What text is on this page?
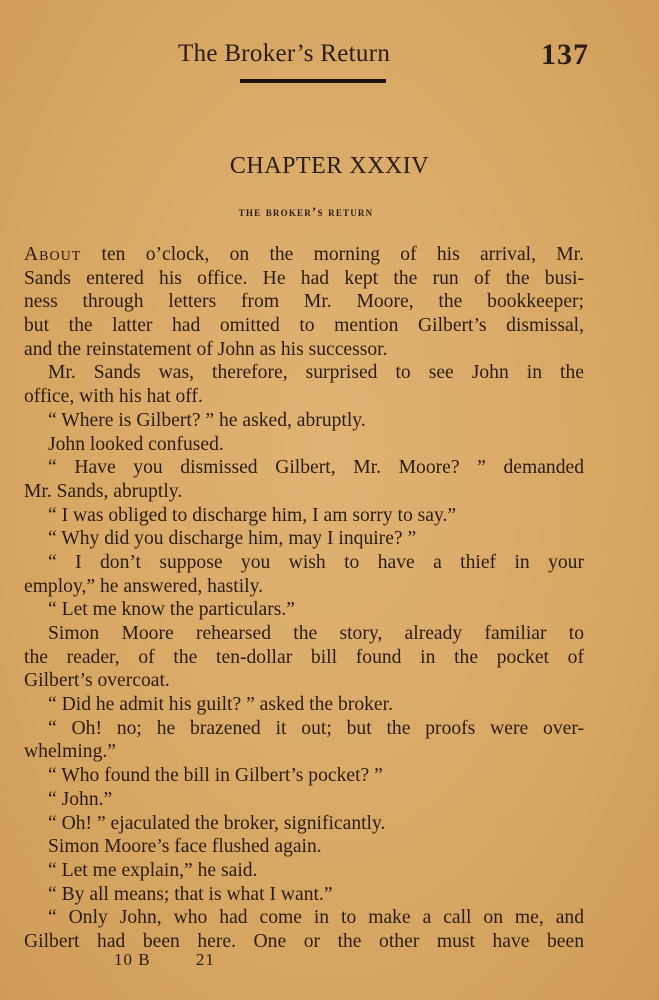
The Broker’s Return	137
CHAPTER XXXIV
the broker’s return
About ten o’clock, on the morning of his arrival, Mr.
Sands entered his office. He had kept the run of the busi-
ness through letters from Mr. Moore, the bookkeeper;
but the latter had omitted to mention Gilbert’s dismissal,
and the reinstatement of John as his successor.
Mr. Sands was, therefore, surprised to see John in the
office, with his hat off.
“ Where is Gilbert? ” he asked, abruptly.
John looked confused.
“ Have you dismissed Gilbert, Mr. Moore? ” demanded
Mr. Sands, abruptly.
“ I was obliged to discharge him, I am sorry to say.”
“ Why did you discharge him, may I inquire? ”
“ I don’t suppose you wish to have a thief in your
employ,” he answered, hastily.
“ Let me know the particulars.”
Simon Moore rehearsed the story, already familiar to
the reader, of the ten-dollar bill found in the pocket of
Gilbert’s overcoat.
“ Did he admit his guilt? ” asked the broker.
“ Oh! no; he brazened it out; but the proofs were over-
whelming.”
“ Who found the bill in Gilbert’s pocket? ”
“ John.”
“ Oh! ” ejaculated the broker, significantly.
Simon Moore’s face flushed again.
“ Let me explain,” he said.
“ By all means; that is what I want.”
“ Only John, who had come in to make a call on me, and
Gilbert had been here. One or the other must have been
10 B	21
